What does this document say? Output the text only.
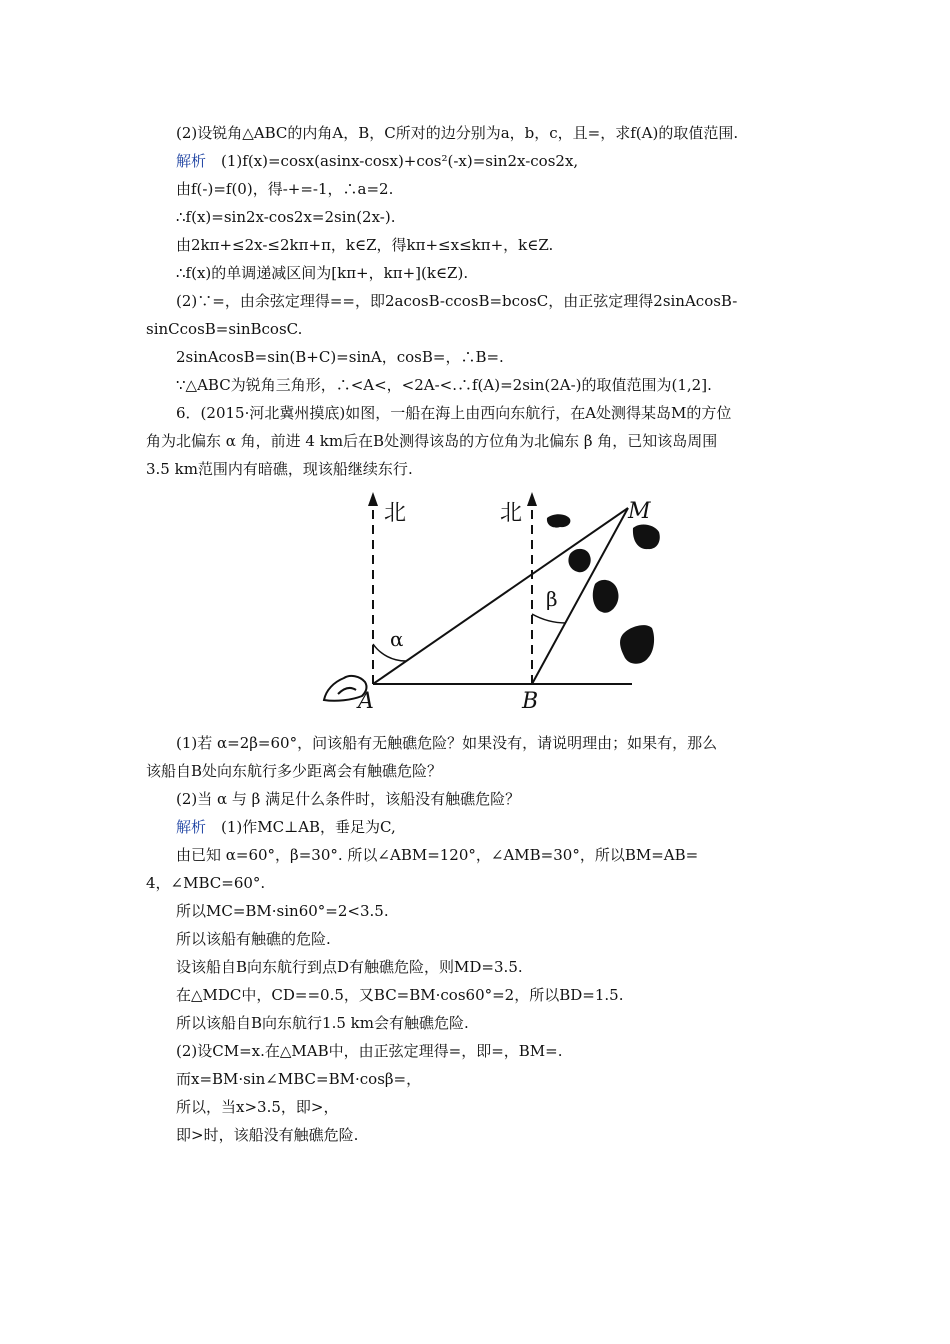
(2)设锐角△ABC的内角A，B，C所对的边分别为a，b，c，且=，求f(A)的取值范围.
解析　(1)f(x)=cosx(asinx-cosx)+cos²(-x)=sin2x-cos2x,
由f(-)=f(0)，得-+=-1，∴a=2.
∴f(x)=sin2x-cos2x=2sin(2x-).
由2kπ+≤2x-≤2kπ+π，k∈Z，得kπ+≤x≤kπ+，k∈Z.
∴f(x)的单调递减区间为[kπ+，kπ+](k∈Z).
(2)∵=，由余弦定理得==，即2acosB-ccosB=bcosC，由正弦定理得2sinAcosB-
sinCcosB=sinBcosC.
2sinAcosB=sin(B+C)=sinA，cosB=，∴B=.
∵△ABC为锐角三角形，∴<A<，<2A-<.∴f(A)=2sin(2A-)的取值范围为(1,2].
6．(2015·河北冀州摸底)如图，一船在海上由西向东航行，在A处测得某岛M的方位
角为北偏东 α 角，前进 4 km后在B处测得该岛的方位角为北偏东 β 角，已知该岛周围
3.5 km范围内有暗礁，现该船继续东行.
北	北
A	B
M
α
β
(1)若 α=2β=60°，问该船有无触礁危险？如果没有，请说明理由；如果有，那么
该船自B处向东航行多少距离会有触礁危险？
(2)当 α 与 β 满足什么条件时，该船没有触礁危险？
解析　(1)作MC⊥AB，垂足为C,
由已知 α=60°，β=30°. 所以∠ABM=120°，∠AMB=30°，所以BM=AB=
4，∠MBC=60°.
所以MC=BM·sin60°=2<3.5.
所以该船有触礁的危险.
设该船自B向东航行到点D有触礁危险，则MD=3.5.
在△MDC中，CD==0.5，又BC=BM·cos60°=2，所以BD=1.5.
所以该船自B向东航行1.5 km会有触礁危险.
(2)设CM=x.在△MAB中，由正弦定理得=，即=，BM=.
而x=BM·sin∠MBC=BM·cosβ=，
所以，当x>3.5，即>，
即>时，该船没有触礁危险.
